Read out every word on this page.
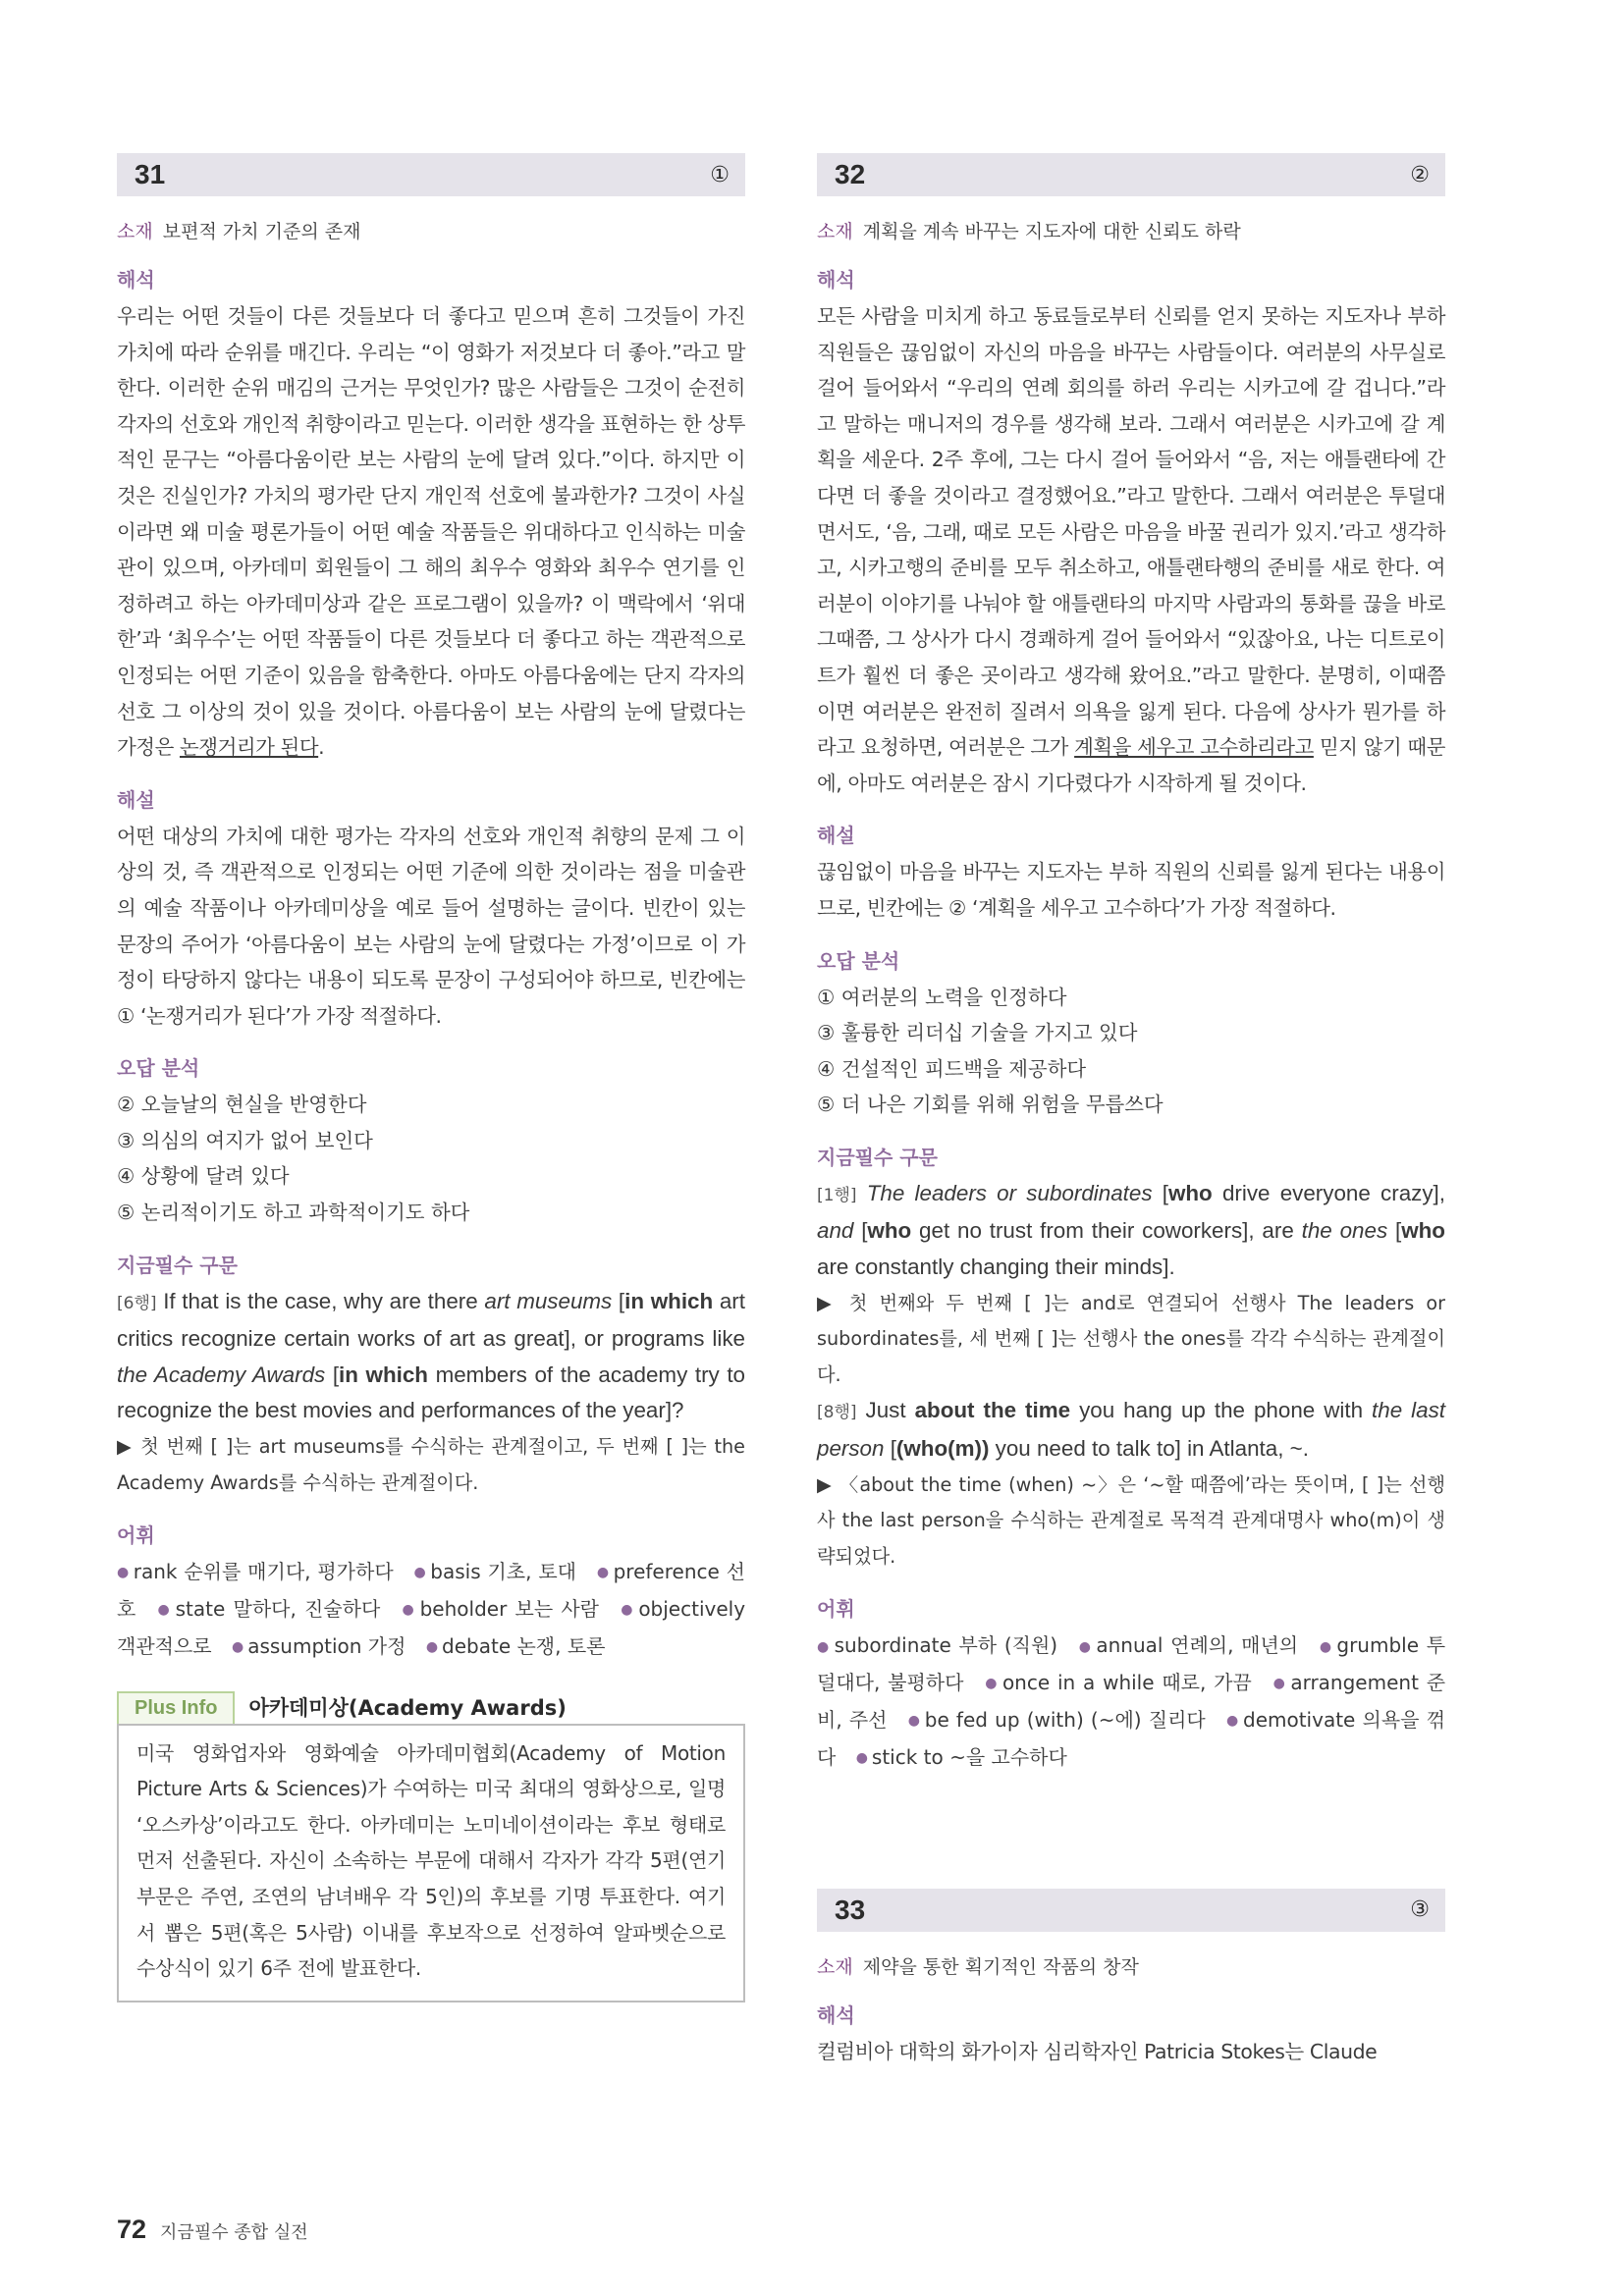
31	①
소재 보편적 가치 기준의 존재
해석
우리는 어떤 것들이 다른 것들보다 더 좋다고 믿으며 흔히 그것들이 가진 가치에 따라 순위를 매긴다. 우리는 “이 영화가 저것보다 더 좋아.”라고 말한다. 이러한 순위 매김의 근거는 무엇인가? 많은 사람들은 그것이 순전히 각자의 선호와 개인적 취향이라고 믿는다. 이러한 생각을 표현하는 한 상투적인 문구는 “아름다움이란 보는 사람의 눈에 달려 있다.”이다. 하지만 이것은 진실인가? 가치의 평가란 단지 개인적 선호에 불과한가? 그것이 사실이라면 왜 미술 평론가들이 어떤 예술 작품들은 위대하다고 인식하는 미술관이 있으며, 아카데미 회원들이 그 해의 최우수 영화와 최우수 연기를 인정하려고 하는 아카데미상과 같은 프로그램이 있을까? 이 맥락에서 ‘위대한’과 ‘최우수’는 어떤 작품들이 다른 것들보다 더 좋다고 하는 객관적으로 인정되는 어떤 기준이 있음을 함축한다. 아마도 아름다움에는 단지 각자의 선호 그 이상의 것이 있을 것이다. 아름다움이 보는 사람의 눈에 달렸다는 가정은 논쟁거리가 된다.
해설
어떤 대상의 가치에 대한 평가는 각자의 선호와 개인적 취향의 문제 그 이상의 것, 즉 객관적으로 인정되는 어떤 기준에 의한 것이라는 점을 미술관의 예술 작품이나 아카데미상을 예로 들어 설명하는 글이다. 빈칸이 있는 문장의 주어가 ‘아름다움이 보는 사람의 눈에 달렸다는 가정’이므로 이 가정이 타당하지 않다는 내용이 되도록 문장이 구성되어야 하므로, 빈칸에는 ① ‘논쟁거리가 된다’가 가장 적절하다.
오답 분석
② 오늘날의 현실을 반영한다
③ 의심의 여지가 없어 보인다
④ 상황에 달려 있다
⑤ 논리적이기도 하고 과학적이기도 하다
지금필수 구문
[6행] If that is the case, why are there art museums [in which art critics recognize certain works of art as great], or programs like the Academy Awards [in which members of the academy try to recognize the best movies and performances of the year]?
▶ 첫 번째 [ ]는 art museums를 수식하는 관계절이고, 두 번째 [ ]는 the Academy Awards를 수식하는 관계절이다.
어휘
● rank 순위를 매기다, 평가하다 ● basis 기초, 토대 ● preference 선호 ● state 말하다, 진술하다 ● beholder 보는 사람 ● objectively 객관적으로 ● assumption 가정 ● debate 논쟁, 토론
Plus Info	아카데미상(Academy Awards)
미국 영화업자와 영화예술 아카데미협회(Academy of Motion Picture Arts & Sciences)가 수여하는 미국 최대의 영화상으로, 일명 ‘오스카상’이라고도 한다. 아카데미는 노미네이션이라는 후보 형태로 먼저 선출된다. 자신이 소속하는 부문에 대해서 각자가 각각 5편(연기 부문은 주연, 조연의 남녀배우 각 5인)의 후보를 기명 투표한다. 여기서 뽑은 5편(혹은 5사람) 이내를 후보작으로 선정하여 알파벳순으로 수상식이 있기 6주 전에 발표한다.
32	②
소재 계획을 계속 바꾸는 지도자에 대한 신뢰도 하락
해석
모든 사람을 미치게 하고 동료들로부터 신뢰를 얻지 못하는 지도자나 부하 직원들은 끊임없이 자신의 마음을 바꾸는 사람들이다. 여러분의 사무실로 걸어 들어와서 “우리의 연례 회의를 하러 우리는 시카고에 갈 겁니다.”라고 말하는 매니저의 경우를 생각해 보라. 그래서 여러분은 시카고에 갈 계획을 세운다. 2주 후에, 그는 다시 걸어 들어와서 “음, 저는 애틀랜타에 간다면 더 좋을 것이라고 결정했어요.”라고 말한다. 그래서 여러분은 투덜대면서도, ‘음, 그래, 때로 모든 사람은 마음을 바꿀 권리가 있지.’라고 생각하고, 시카고행의 준비를 모두 취소하고, 애틀랜타행의 준비를 새로 한다. 여러분이 이야기를 나눠야 할 애틀랜타의 마지막 사람과의 통화를 끊을 바로 그때쯤, 그 상사가 다시 경쾌하게 걸어 들어와서 “있잖아요, 나는 디트로이트가 훨씬 더 좋은 곳이라고 생각해 왔어요.”라고 말한다. 분명히, 이때쯤이면 여러분은 완전히 질려서 의욕을 잃게 된다. 다음에 상사가 뭔가를 하라고 요청하면, 여러분은 그가 계획을 세우고 고수하리라고 믿지 않기 때문에, 아마도 여러분은 잠시 기다렸다가 시작하게 될 것이다.
해설
끊임없이 마음을 바꾸는 지도자는 부하 직원의 신뢰를 잃게 된다는 내용이므로, 빈칸에는 ② ‘계획을 세우고 고수하다’가 가장 적절하다.
오답 분석
① 여러분의 노력을 인정하다
③ 훌륭한 리더십 기술을 가지고 있다
④ 건설적인 피드백을 제공하다
⑤ 더 나은 기회를 위해 위험을 무릅쓰다
지금필수 구문
[1행] The leaders or subordinates [who drive everyone crazy], and [who get no trust from their coworkers], are the ones [who are constantly changing their minds].
▶ 첫 번째와 두 번째 [ ]는 and로 연결되어 선행사 The leaders or subordinates를, 세 번째 [ ]는 선행사 the ones를 각각 수식하는 관계절이다.
[8행] Just about the time you hang up the phone with the last person [(who(m)) you need to talk to] in Atlanta, ~.
▶ 〈about the time (when) ~〉은 ‘~할 때쯤에’라는 뜻이며, [ ]는 선행사 the last person을 수식하는 관계절로 목적격 관계대명사 who(m)이 생략되었다.
어휘
● subordinate 부하 (직원) ● annual 연례의, 매년의 ● grumble 투덜대다, 불평하다 ● once in a while 때로, 가끔 ● arrangement 준비, 주선 ● be fed up (with) (~에) 질리다 ● demotivate 의욕을 꺾다 ● stick to ~을 고수하다
33	③
소재 제약을 통한 획기적인 작품의 창작
해석
컬럼비아 대학의 화가이자 심리학자인 Patricia Stokes는 Claude
72 지금필수 종합 실전
